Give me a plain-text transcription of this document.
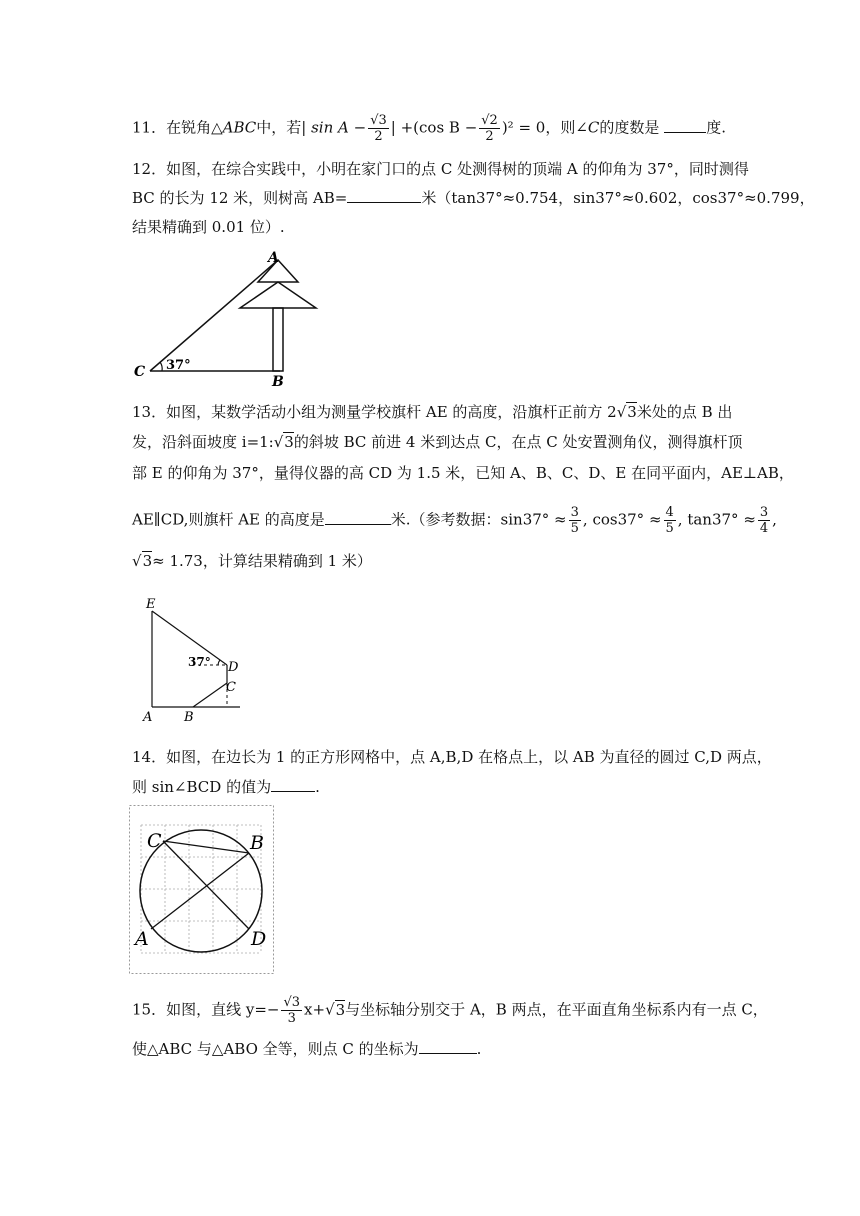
11．在锐角△ABC中，若| $\sin A - \frac{√3}{2}$ | +(cos $B - \frac{√2}{2} )^2 = 0$，则∠C的度数是	度.
12．如图，在综合实践中，小明在家门口的点 C 处测得树的顶端 A 的仰角为 37°，同时测得
BC 的长为 12 米，则树高 AB=	米（tan37°≈0.754，sin37°≈0.602，cos37°≈0.799，
结果精确到 0.01 位）.
A
B
C 37°
13．如图，某数学活动小组为测量学校旗杆 AE 的高度，沿旗杆正前方 2√3米处的点 B 出
发，沿斜面坡度 i=1:√3的斜坡 BC 前进 4 米到达点 C，在点 C 处安置测角仪，测得旗杆顶
部 E 的仰角为 37°，量得仪器的高 CD 为 1.5 米，已知 A、B、C、D、E 在同平面内，AE⊥AB，
AE∥CD,则旗杆 AE 的高度是	米.（参考数据：$\sin 37^\circ \approx \frac{3}{5}$ , $\cos 37^\circ \approx \frac{4}{5}$ , $\tan 37^\circ \approx \frac{3}{4}$ ,
√3≈ 1.73，计算结果精确到 1 米）
E
A B
C
D
37°
14．如图，在边长为 1 的正方形网格中，点 A,B,D 在格点上，以 AB 为直径的圆过 C,D 两点，
则 sin∠BCD 的值为	.
C	B
A	D
15．如图，直线 $y=- \frac{√3}{3} x+√3$与坐标轴分别交于 A，B 两点，在平面直角坐标系内有一点 C，
使△ABC 与△ABO 全等，则点 C 的坐标为	.
